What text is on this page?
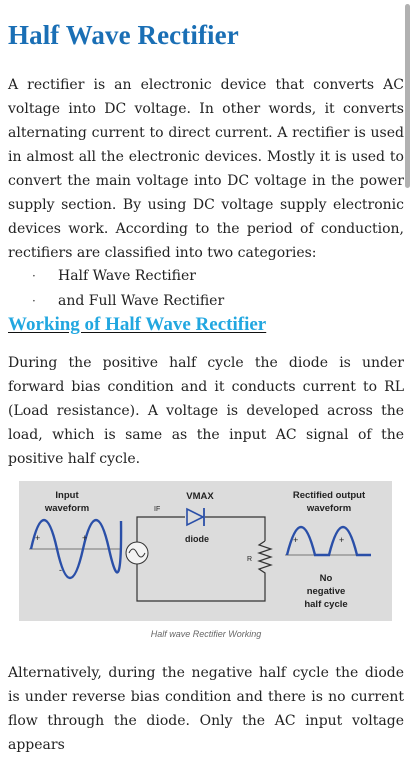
Half Wave Rectifier

A rectifier is an electronic device that converts AC voltage into DC voltage. In other words, it converts alternating current to direct current. A rectifier is used in almost all the electronic devices. Mostly it is used to convert the main voltage into DC voltage in the power supply section. By using DC voltage supply electronic devices work. According to the period of conduction, rectifiers are classified into two categories:

· Half Wave Rectifier
· and Full Wave Rectifier
Working of Half Wave Rectifier

During the positive half cycle the diode is under forward bias condition and it conducts current to RL (Load resistance). A voltage is developed across the load, which is same as the input AC signal of the positive half cycle.

Input
waveform
+	+
-
VMAX
IF
diode
R
Rectified output
waveform
+	+
No
negative
half cycle
Half wave Rectifier Working

Alternatively, during the negative half cycle the diode is under reverse bias condition and there is no current flow through the diode. Only the AC input voltage appears
